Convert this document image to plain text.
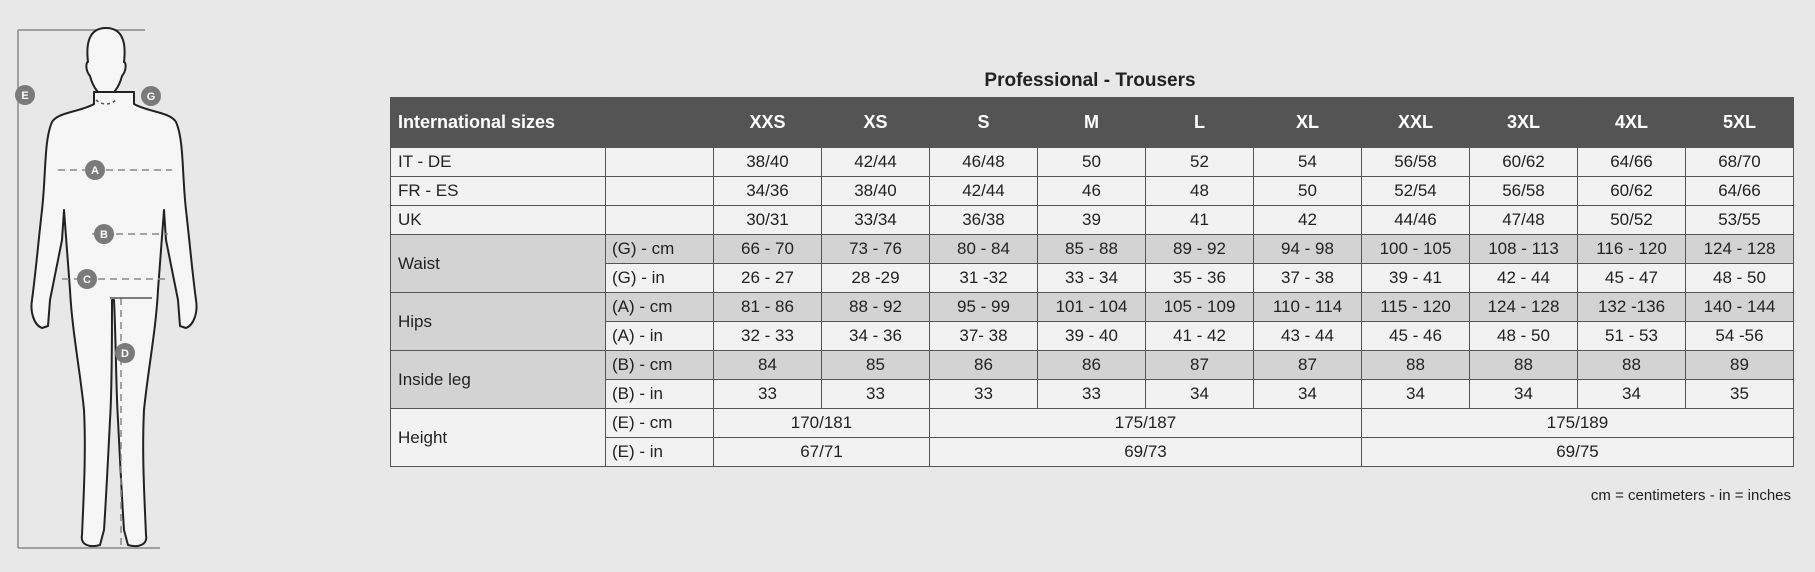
E	G
A
B
C
D
Professional - Trousers
International sizes		XXS	XS	S	M	L	XL	XXL	3XL	4XL	5XL
IT - DE		38/40	42/44	46/48	50	52	54	56/58	60/62	64/66	68/70
FR - ES		34/36	38/40	42/44	46	48	50	52/54	56/58	60/62	64/66
UK		30/31	33/34	36/38	39	41	42	44/46	47/48	50/52	53/55
Waist	(G) - cm	66 - 70	73 - 76	80 - 84	85 - 88	89 - 92	94 - 98	100 - 105	108 - 113	116 - 120	124 - 128
	(G) - in	26 - 27	28 -29	31 -32	33 - 34	35 - 36	37 - 38	39 - 41	42 - 44	45 - 47	48 - 50
Hips	(A) - cm	81 - 86	88 - 92	95 - 99	101 - 104	105 - 109	110 - 114	115 - 120	124 - 128	132 -136	140 - 144
	(A) - in	32 - 33	34 - 36	37- 38	39 - 40	41 - 42	43 - 44	45 - 46	48 - 50	51 - 53	54 -56
Inside leg	(B) - cm	84	85	86	86	87	87	88	88	88	89
	(B) - in	33	33	33	33	34	34	34	34	34	35
Height	(E) - cm	170/181		175/187				175/189			
	(E) - in	67/71		69/73				69/75			
cm = centimeters - in = inches
